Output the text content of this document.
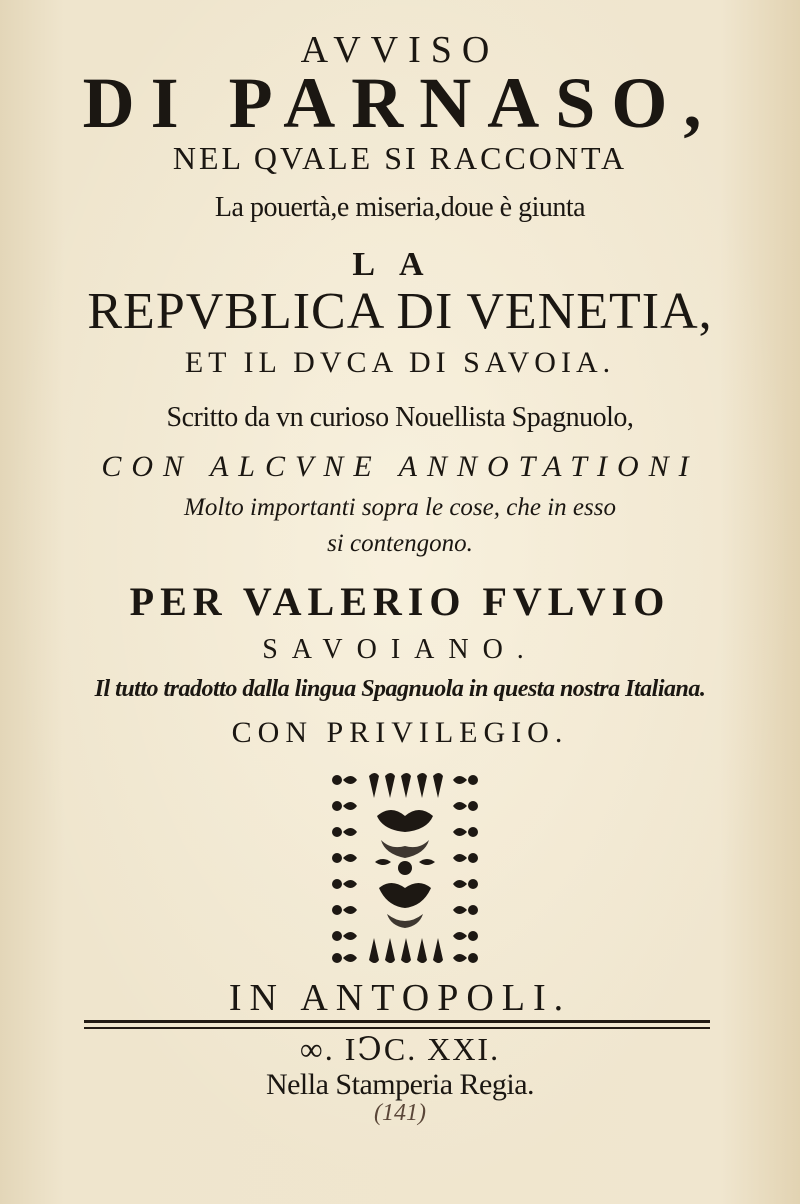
AVVISO
DI PARNASO,
NEL QVALE SI RACCONTA
La pouertà,e miseria,doue è giunta
LA
REPVBLICA DI VENETIA,
ET IL DVCA DI SAVOIA.
Scritto da vn curioso Nouellista Spagnuolo,
CON ALCVNE ANNOTATIONI
Molto importanti sopra le cose, che in esso
si contengono.
PER VALERIO FVLVIO
SAVOIANO.
Il tutto tradotto dalla lingua Spagnuola in questa nostra Italiana.
CON PRIVILEGIO.
IN ANTOPOLI.
∞. IↃC. XXI.
Nella Stamperia Regia.
(141)
